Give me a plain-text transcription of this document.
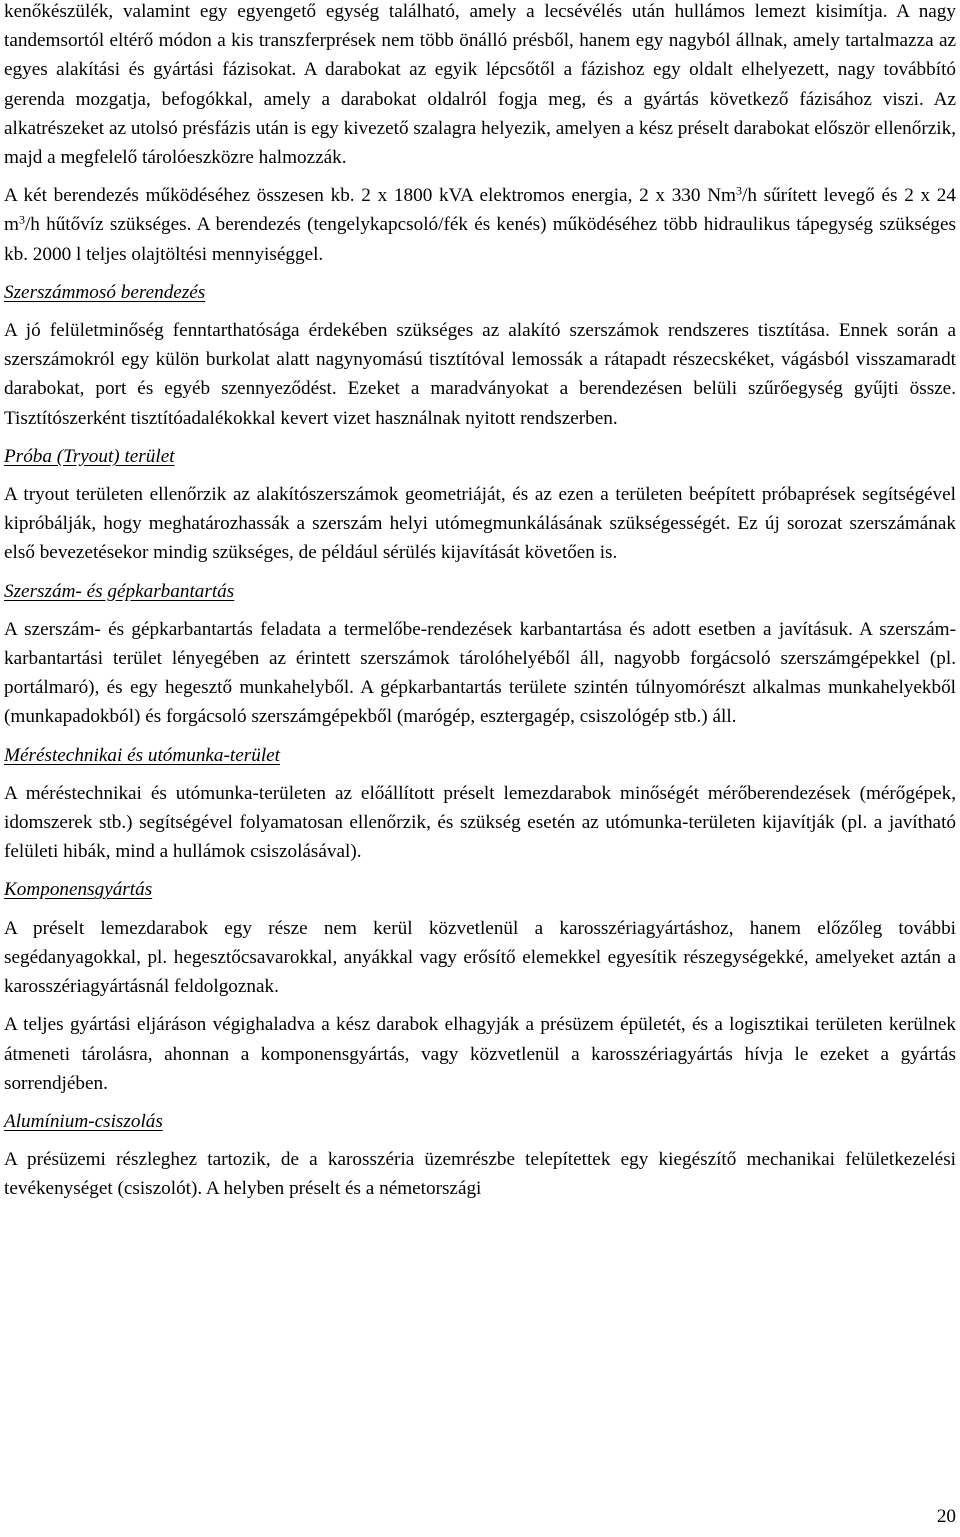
kenőkészülék, valamint egy egyengető egység található, amely a lecsévélés után hullámos lemezt kisimítja. A nagy tandemsortól eltérő módon a kis transzferprések nem több önálló présből, hanem egy nagyból állnak, amely tartalmazza az egyes alakítási és gyártási fázisokat. A darabokat az egyik lépcsőtől a fázishoz egy oldalt elhelyezett, nagy továbbító gerenda mozgatja, befogókkal, amely a darabokat oldalról fogja meg, és a gyártás következő fázisához viszi. Az alkatrészeket az utolsó présfázis után is egy kivezető szalagra helyezik, amelyen a kész préselt darabokat először ellenőrzik, majd a megfelelő tárolóeszközre halmozzák.

A két berendezés működéséhez összesen kb. 2 x 1800 kVA elektromos energia, 2 x 330 Nm$^3$/h sűrített levegő és 2 x 24 $m^3/h$ hűtővíz szükséges. A berendezés (tengelykapcsoló/fék és kenés) működéséhez több hidraulikus tápegység szükséges kb. 2000 l teljes olajtöltési mennyiséggel.

Szerszámmosó berendezés

A jó felületminőség fenntarthatósága érdekében szükséges az alakító szerszámok rendszeres tisztítása. Ennek során a szerszámokról egy külön burkolat alatt nagynyomású tisztítóval lemossák a rátapadt részecskéket, vágásból visszamaradt darabokat, port és egyéb szennyeződést. Ezeket a maradványokat a berendezésen belüli szűrőegység gyűjti össze. Tisztítószerként tisztítóadalékokkal kevert vizet használnak nyitott rendszerben.

Próba (Tryout) terület

A tryout területen ellenőrzik az alakítószerszámok geometriáját, és az ezen a területen beépített próbaprések segítségével kipróbálják, hogy meghatározhassák a szerszám helyi utómegmunkálásának szükségességét. Ez új sorozat szerszámának első bevezetésekor mindig szükséges, de például sérülés kijavítását követően is.

Szerszám- és gépkarbantartás

A szerszám- és gépkarbantartás feladata a termelőbe-rendezések karbantartása és adott esetben a javításuk. A szerszám-karbantartási terület lényegében az érintett szerszámok tárolóhelyéből áll, nagyobb forgácsoló szerszámgépekkel (pl. portálmaró), és egy hegesztő munkahelyből. A gépkarbantartás területe szintén túlnyomórészt alkalmas munkahelyekből (munkapadokból) és forgácsoló szerszámgépekből (marógép, esztergagép, csiszológép stb.) áll.

Méréstechnikai és utómunka-terület

A méréstechnikai és utómunka-területen az előállított préselt lemezdarabok minőségét mérőberendezések (mérőgépek, idomszerek stb.) segítségével folyamatosan ellenőrzik, és szükség esetén az utómunka-területen kijavítják (pl. a javítható felületi hibák, mind a hullámok csiszolásával).

Komponensgyártás

A préselt lemezdarabok egy része nem kerül közvetlenül a karosszériagyártáshoz, hanem előzőleg további segédanyagokkal, pl. hegesztőcsavarokkal, anyákkal vagy erősítő elemekkel egyesítik részegységekké, amelyeket aztán a karosszériagyártásnál feldolgoznak.

A teljes gyártási eljáráson végighaladva a kész darabok elhagyják a présüzem épületét, és a logisztikai területen kerülnek átmeneti tárolásra, ahonnan a komponensgyártás, vagy közvetlenül a karosszériagyártás hívja le ezeket a gyártás sorrendjében.

Alumínium-csiszolás

A présüzemi részleghez tartozik, de a karosszéria üzemrészbe telepítettek egy kiegészítő mechanikai felületkezelési tevékenységet (csiszolót). A helyben préselt és a németországi

20
